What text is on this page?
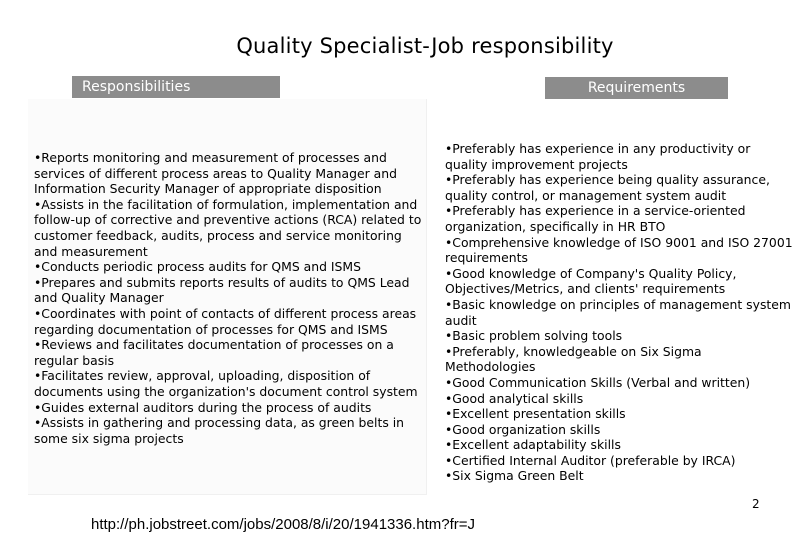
Quality Specialist-Job responsibility
Responsibilities	Requirements
•Reports monitoring and measurement of processes and services of different process areas to Quality Manager and Information Security Manager of appropriate disposition
•Assists in the facilitation of formulation, implementation and follow-up of corrective and preventive actions (RCA) related to customer feedback, audits, process and service monitoring and measurement
•Conducts periodic process audits for QMS and ISMS
•Prepares and submits reports results of audits to QMS Lead and Quality Manager
•Coordinates with point of contacts of different process areas regarding documentation of processes for QMS and ISMS
•Reviews and facilitates documentation of processes on a regular basis
•Facilitates review, approval, uploading, disposition of documents using the organization's document control system
•Guides external auditors during the process of audits
•Assists in gathering and processing data, as green belts in some six sigma projects
•Preferably has experience in any productivity or quality improvement projects
•Preferably has experience being quality assurance, quality control, or management system audit
•Preferably has experience in a service-oriented organization, specifically in HR BTO
•Comprehensive knowledge of ISO 9001 and ISO 27001 requirements
•Good knowledge of Company's Quality Policy, Objectives/Metrics, and clients' requirements
•Basic knowledge on principles of management system audit
•Basic problem solving tools
•Preferably, knowledgeable on Six Sigma Methodologies
•Good Communication Skills (Verbal and written)
•Good analytical skills
•Excellent presentation skills
•Good organization skills
•Excellent adaptability skills
•Certified Internal Auditor (preferable by IRCA)
•Six Sigma Green Belt
2
http://ph.jobstreet.com/jobs/2008/8/i/20/1941336.htm?fr=J
